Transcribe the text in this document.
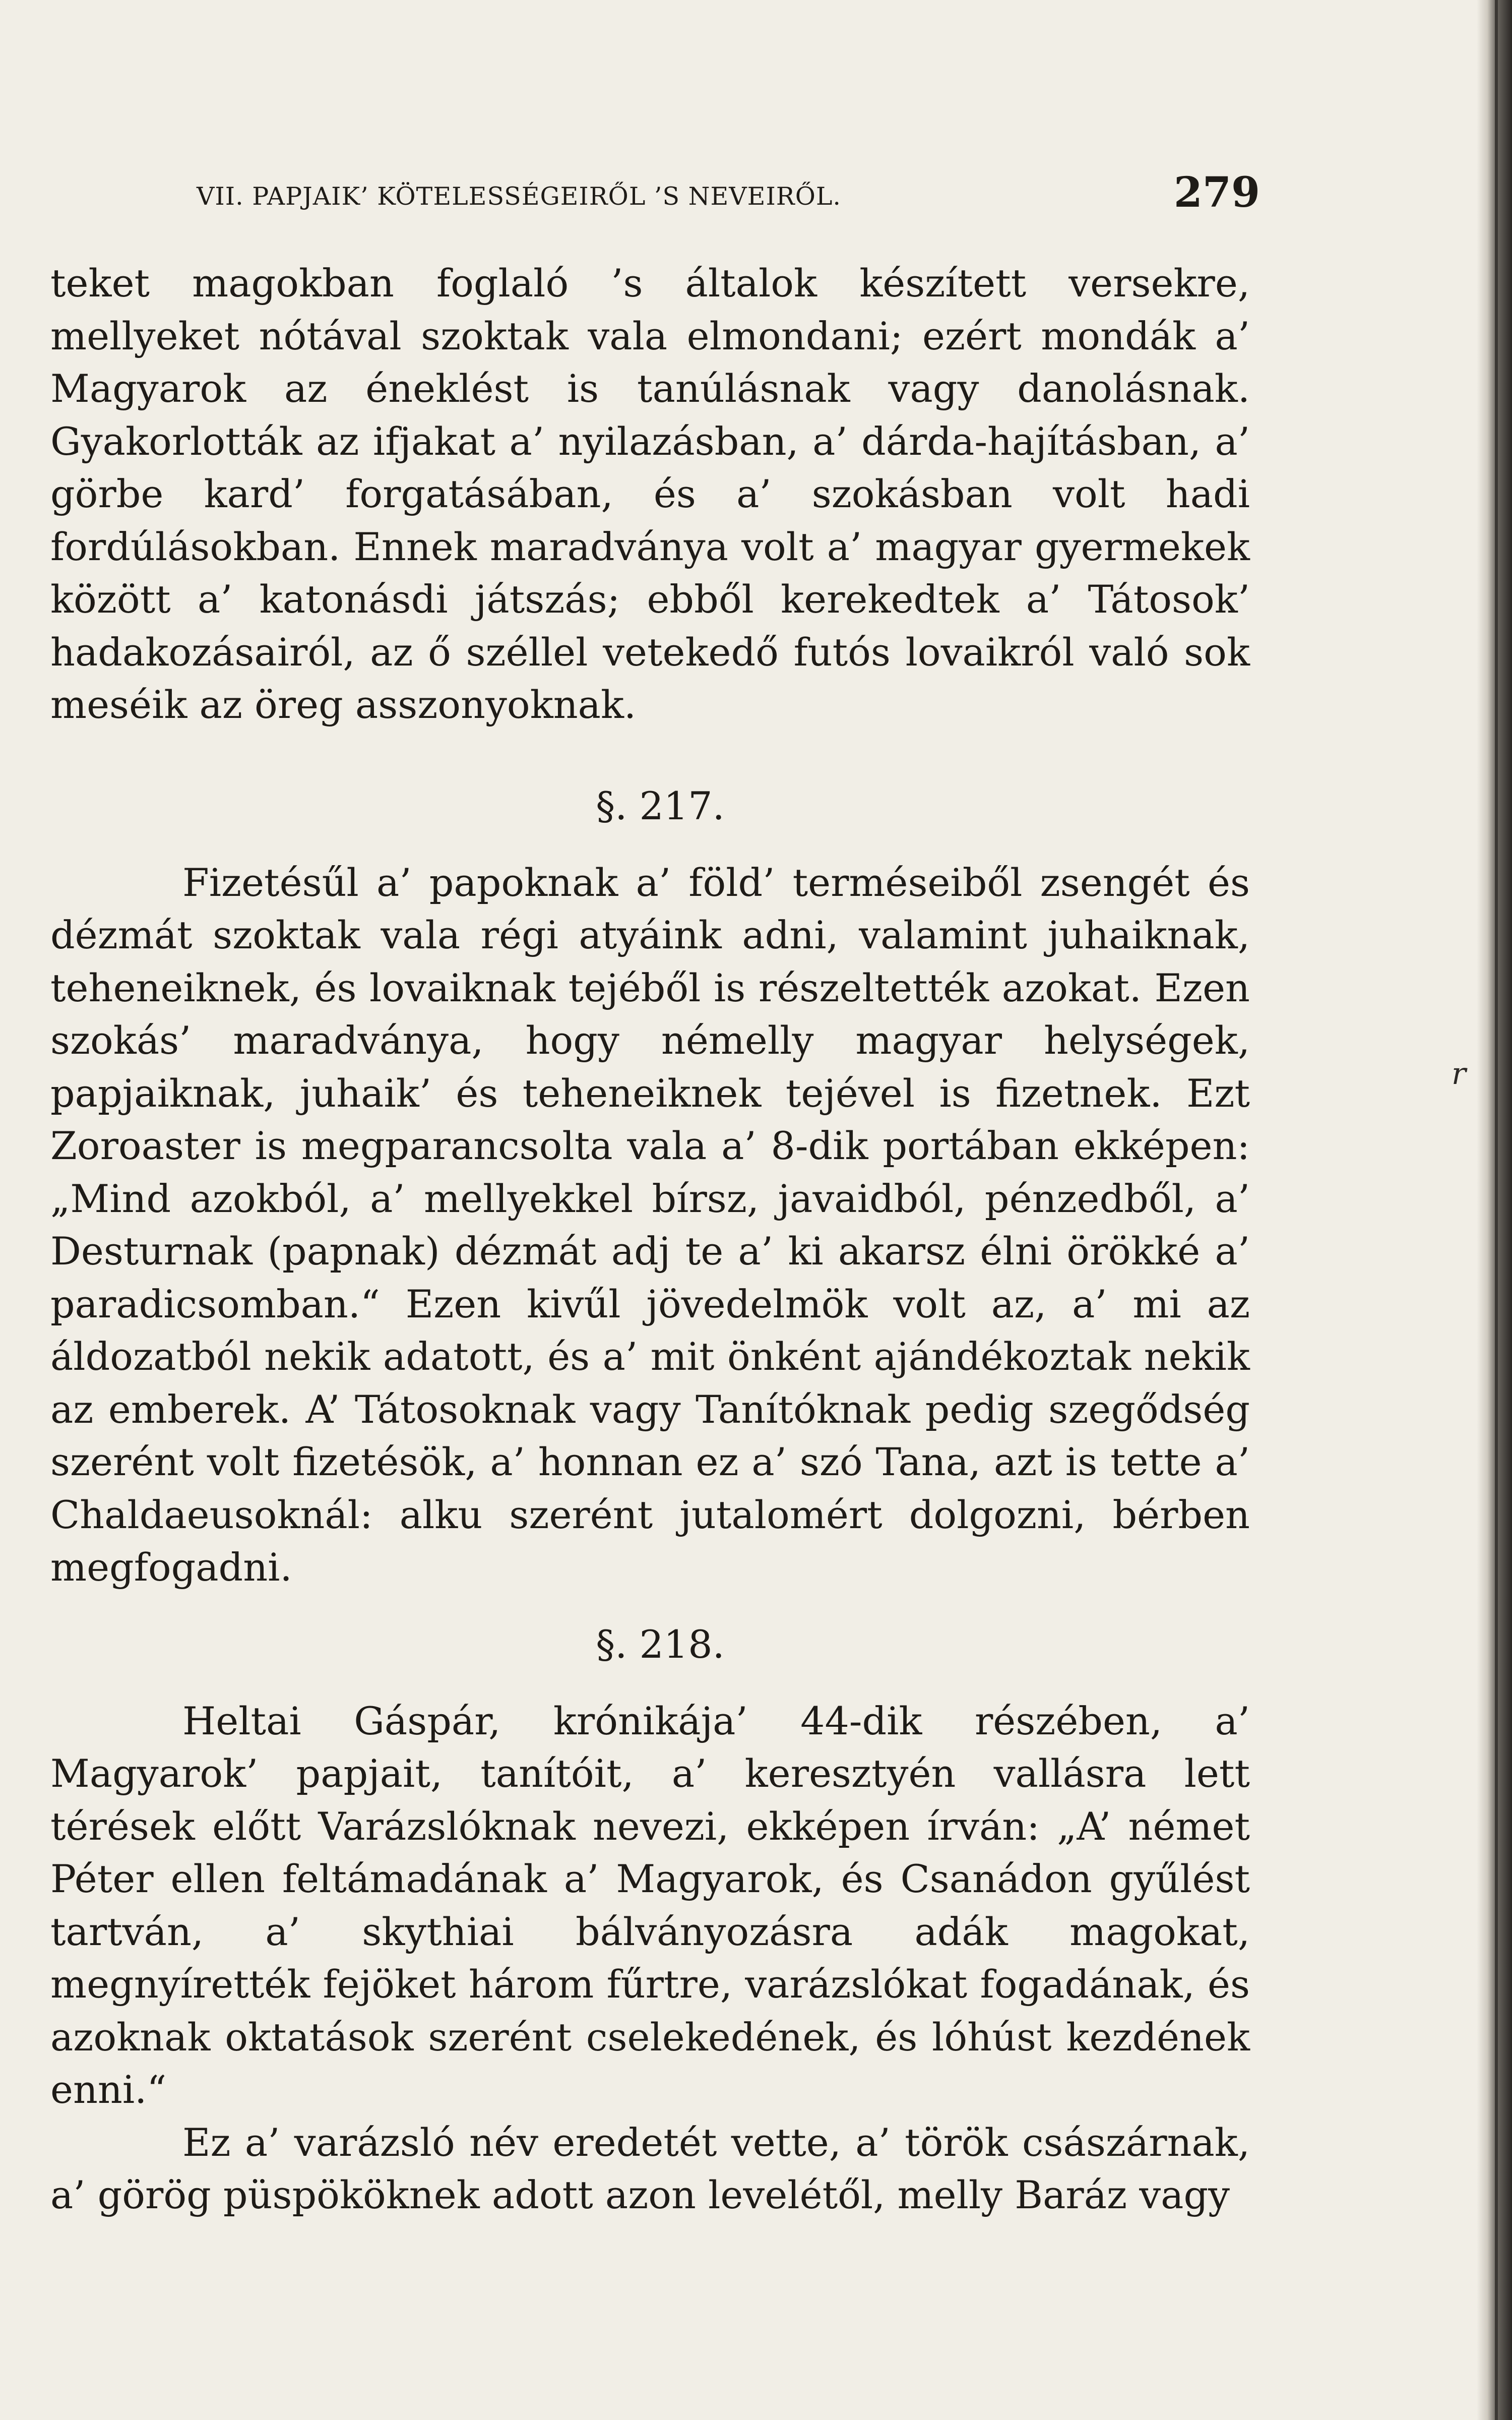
VII. PAPJAIK’ KÖTELESSÉGEIRŐL ’S NEVEIRŐL.	279

teket magokban foglaló ’s általok készített versekre, mellyeket nótával szoktak vala elmondani; ezért mondák a’ Magyarok az éneklést is tanúlásnak vagy danolásnak. Gyakorlották az ifjakat a’ nyilazásban, a’ dárda-hajításban, a’ görbe kard’ forgatásában, és a’ szokásban volt hadi fordúlásokban. Ennek maradványa volt a’ magyar gyermekek között a’ katonásdi játszás; ebből kerekedtek a’ Tátosok’ hadakozásairól, az ő széllel vetekedő futós lovaikról való sok meséik az öreg asszonyoknak.

§. 217.

Fizetésűl a’ papoknak a’ föld’ terméseiből zsengét és dézmát szoktak vala régi atyáink adni, valamint juhaiknak, teheneiknek, és lovaiknak tejéből is részeltették azokat. Ezen szokás’ maradványa, hogy némelly magyar helységek, papjaiknak, juhaik’ és teheneiknek tejével is fizetnek. Ezt Zoroaster is megparancsolta vala a’ 8-dik portában ekképen: „Mind azokból, a’ mellyekkel bírsz, javaidból, pénzedből, a’ Desturnak (papnak) dézmát adj te a’ ki akarsz élni örökké a’ paradicsomban.“ Ezen kivűl jövedelmök volt az, a’ mi az áldozatból nekik adatott, és a’ mit önként ajándékoztak nekik az emberek. A’ Tátosoknak vagy Tanítóknak pedig szegődség szerént volt fizetésök, a’ honnan ez a’ szó Tana, azt is tette a’ Chaldaeusoknál: alku szerént jutalomért dolgozni, bérben megfogadni.

§. 218.

Heltai Gáspár, krónikája’ 44-dik részében, a’ Magyarok’ papjait, tanítóit, a’ keresztyén vallásra lett térések előtt Varázslóknak nevezi, ekképen írván: „A’ német Péter ellen feltámadának a’ Magyarok, és Csanádon gyűlést tartván, a’ skythiai bálványozásra adák magokat, megnyírették fejöket három fűrtre, varázslókat fogadának, és azoknak oktatások szerént cselekedének, és lóhúst kezdének enni.“

Ez a’ varázsló név eredetét vette, a’ török császárnak, a’ görög püspököknek adott azon levelétől, melly Baráz vagy

r
